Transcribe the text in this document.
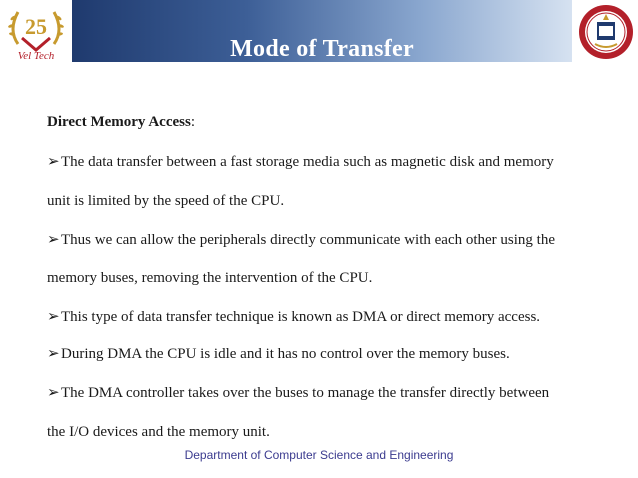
25
Vel Tech	Mode of Transfer
Direct Memory Access:
➢The data transfer between a fast storage media such as magnetic disk and memory
unit is limited by the speed of the CPU.
➢Thus we can allow the peripherals directly communicate with each other using the
memory buses, removing the intervention of the CPU.
➢This type of data transfer technique is known as DMA or direct memory access.
➢During DMA the CPU is idle and it has no control over the memory buses.
➢The DMA controller takes over the buses to manage the transfer directly between
the I/O devices and the memory unit.
Department of Computer Science and Engineering
